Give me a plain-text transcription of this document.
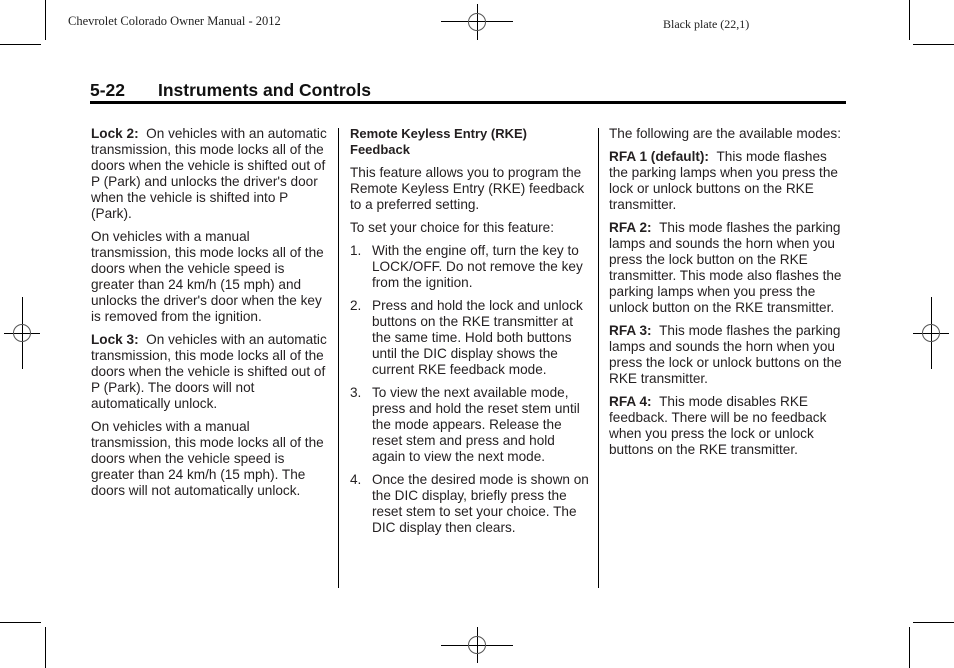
Chevrolet Colorado Owner Manual - 2012	Black plate (22,1)
5-22 Instruments and Controls

Lock 2: On vehicles with an automatic transmission, this mode locks all of the doors when the vehicle is shifted out of P (Park) and unlocks the driver's door when the vehicle is shifted into P (Park).

On vehicles with a manual transmission, this mode locks all of the doors when the vehicle speed is greater than 24 km/h (15 mph) and unlocks the driver's door when the key is removed from the ignition.

Lock 3: On vehicles with an automatic transmission, this mode locks all of the doors when the vehicle is shifted out of P (Park). The doors will not automatically unlock.

On vehicles with a manual transmission, this mode locks all of the doors when the vehicle speed is greater than 24 km/h (15 mph). The doors will not automatically unlock.

Remote Keyless Entry (RKE) Feedback

This feature allows you to program the Remote Keyless Entry (RKE) feedback to a preferred setting.

To set your choice for this feature:

1. With the engine off, turn the key to LOCK/OFF. Do not remove the key from the ignition.
2. Press and hold the lock and unlock buttons on the RKE transmitter at the same time. Hold both buttons until the DIC display shows the current RKE feedback mode.
3. To view the next available mode, press and hold the reset stem until the mode appears. Release the reset stem and press and hold again to view the next mode.
4. Once the desired mode is shown on the DIC display, briefly press the reset stem to set your choice. The DIC display then clears.

The following are the available modes:

RFA 1 (default): This mode flashes the parking lamps when you press the lock or unlock buttons on the RKE transmitter.

RFA 2: This mode flashes the parking lamps and sounds the horn when you press the lock button on the RKE transmitter. This mode also flashes the parking lamps when you press the unlock button on the RKE transmitter.

RFA 3: This mode flashes the parking lamps and sounds the horn when you press the lock or unlock buttons on the RKE transmitter.

RFA 4: This mode disables RKE feedback. There will be no feedback when you press the lock or unlock buttons on the RKE transmitter.
